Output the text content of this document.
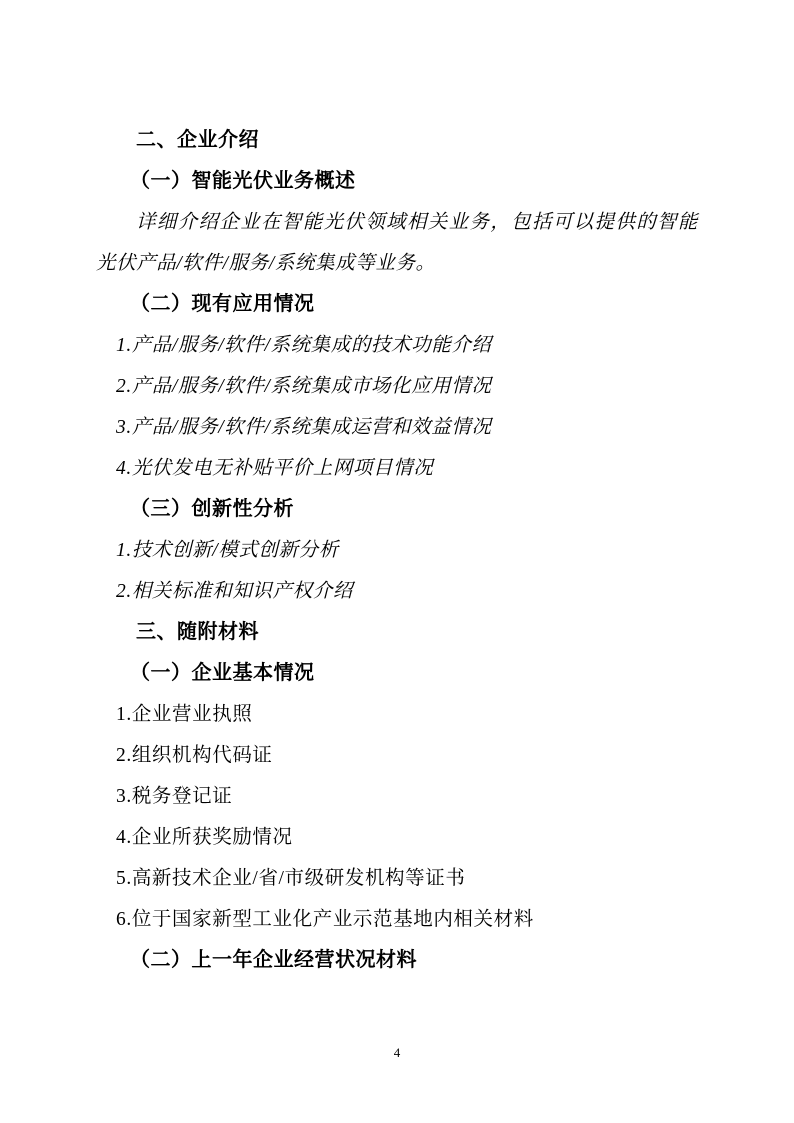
二、企业介绍

（一）智能光伏业务概述

详细介绍企业在智能光伏领域相关业务，包括可以提供的智能光伏产品/软件/服务/系统集成等业务。

（二）现有应用情况

1.产品/服务/软件/系统集成的技术功能介绍

2.产品/服务/软件/系统集成市场化应用情况

3.产品/服务/软件/系统集成运营和效益情况

4.光伏发电无补贴平价上网项目情况

（三）创新性分析

1.技术创新/模式创新分析

2.相关标准和知识产权介绍

三、随附材料

（一）企业基本情况

1.企业营业执照

2.组织机构代码证

3.税务登记证

4.企业所获奖励情况

5.高新技术企业/省/市级研发机构等证书

6.位于国家新型工业化产业示范基地内相关材料

（二）上一年企业经营状况材料

4
